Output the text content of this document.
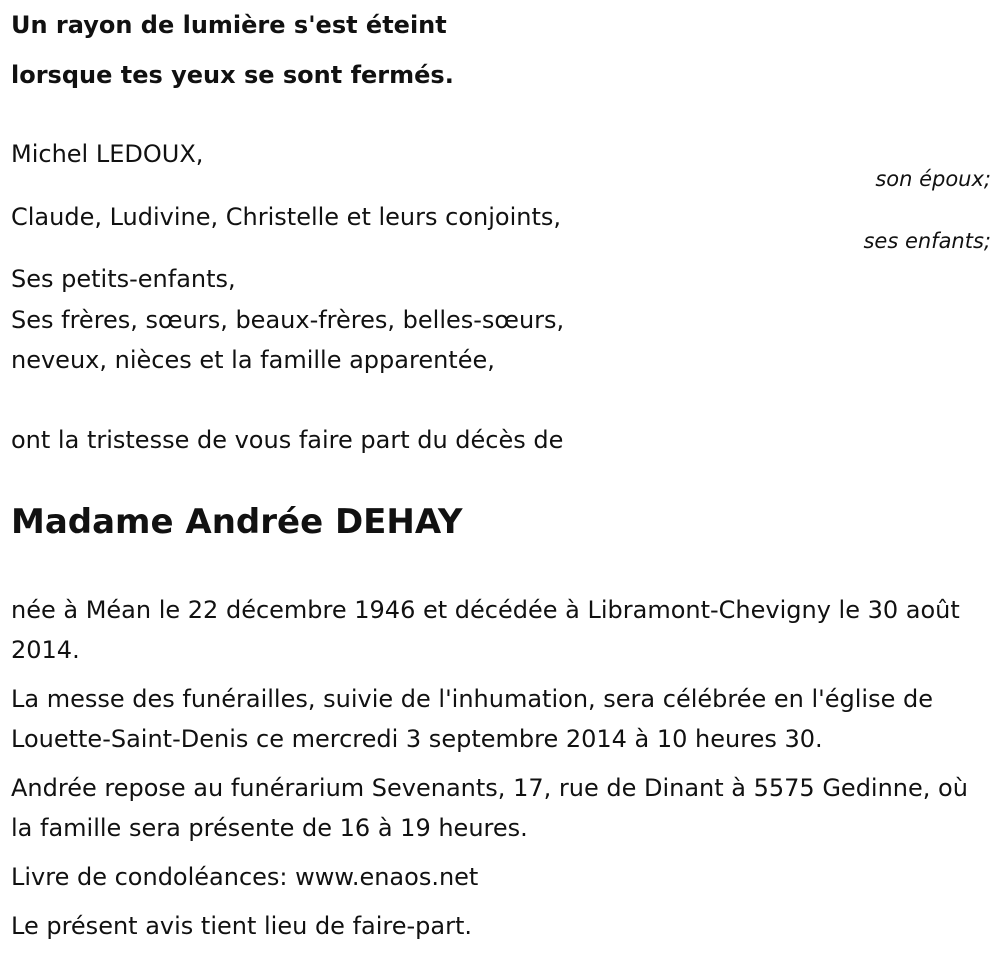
Un rayon de lumière s'est éteint

lorsque tes yeux se sont fermés.

Michel LEDOUX,

son époux;

Claude, Ludivine, Christelle et leurs conjoints,

ses enfants;

Ses petits-enfants,

Ses frères, sœurs, beaux-frères, belles-sœurs,

neveux, nièces et la famille apparentée,

ont la tristesse de vous faire part du décès de

Madame Andrée DEHAY

née à Méan le 22 décembre 1946 et décédée à Libramont-Chevigny le 30 août 2014.

La messe des funérailles, suivie de l'inhumation, sera célébrée en l'église de Louette-Saint-Denis ce mercredi 3 septembre 2014 à 10 heures 30.

Andrée repose au funérarium Sevenants, 17, rue de Dinant à 5575 Gedinne, où la famille sera présente de 16 à 19 heures.

Livre de condoléances: www.enaos.net

Le présent avis tient lieu de faire-part.
